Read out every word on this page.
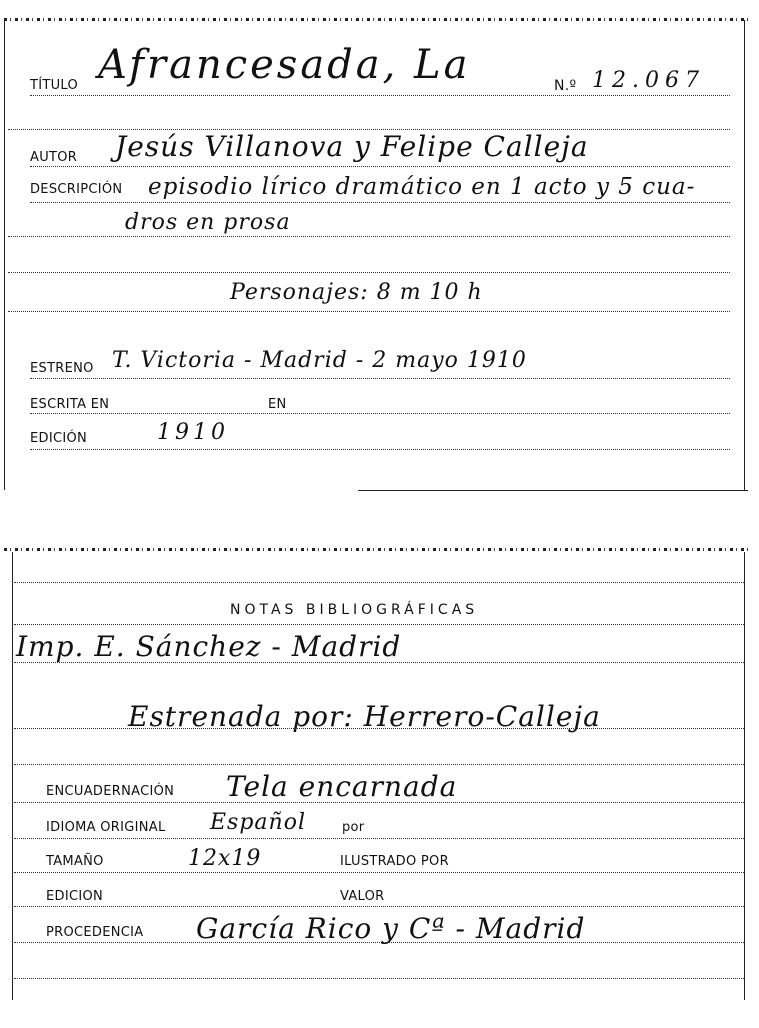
TÍTULO Afrancesada, La	N.º 12.067
AUTOR Jesús Villanova y Felipe Calleja
DESCRIPCIÓN episodio lírico dramático en 1 acto y 5 cua-
dros en prosa
Personajes: 8 m 10 h
ESTRENO T. Victoria - Madrid - 2 mayo 1910
ESCRITA EN	EN
EDICIÓN	1910
NOTAS BIBLIOGRÁFICAS
Imp. E. Sánchez - Madrid
Estrenada por: Herrero-Calleja
ENCUADERNACIÓN Tela encarnada
IDIOMA ORIGINAL Español	por
TAMAÑO	12x19	ILUSTRADO POR
EDICION	VALOR
PROCEDENCIA García Rico y Cª - Madrid
